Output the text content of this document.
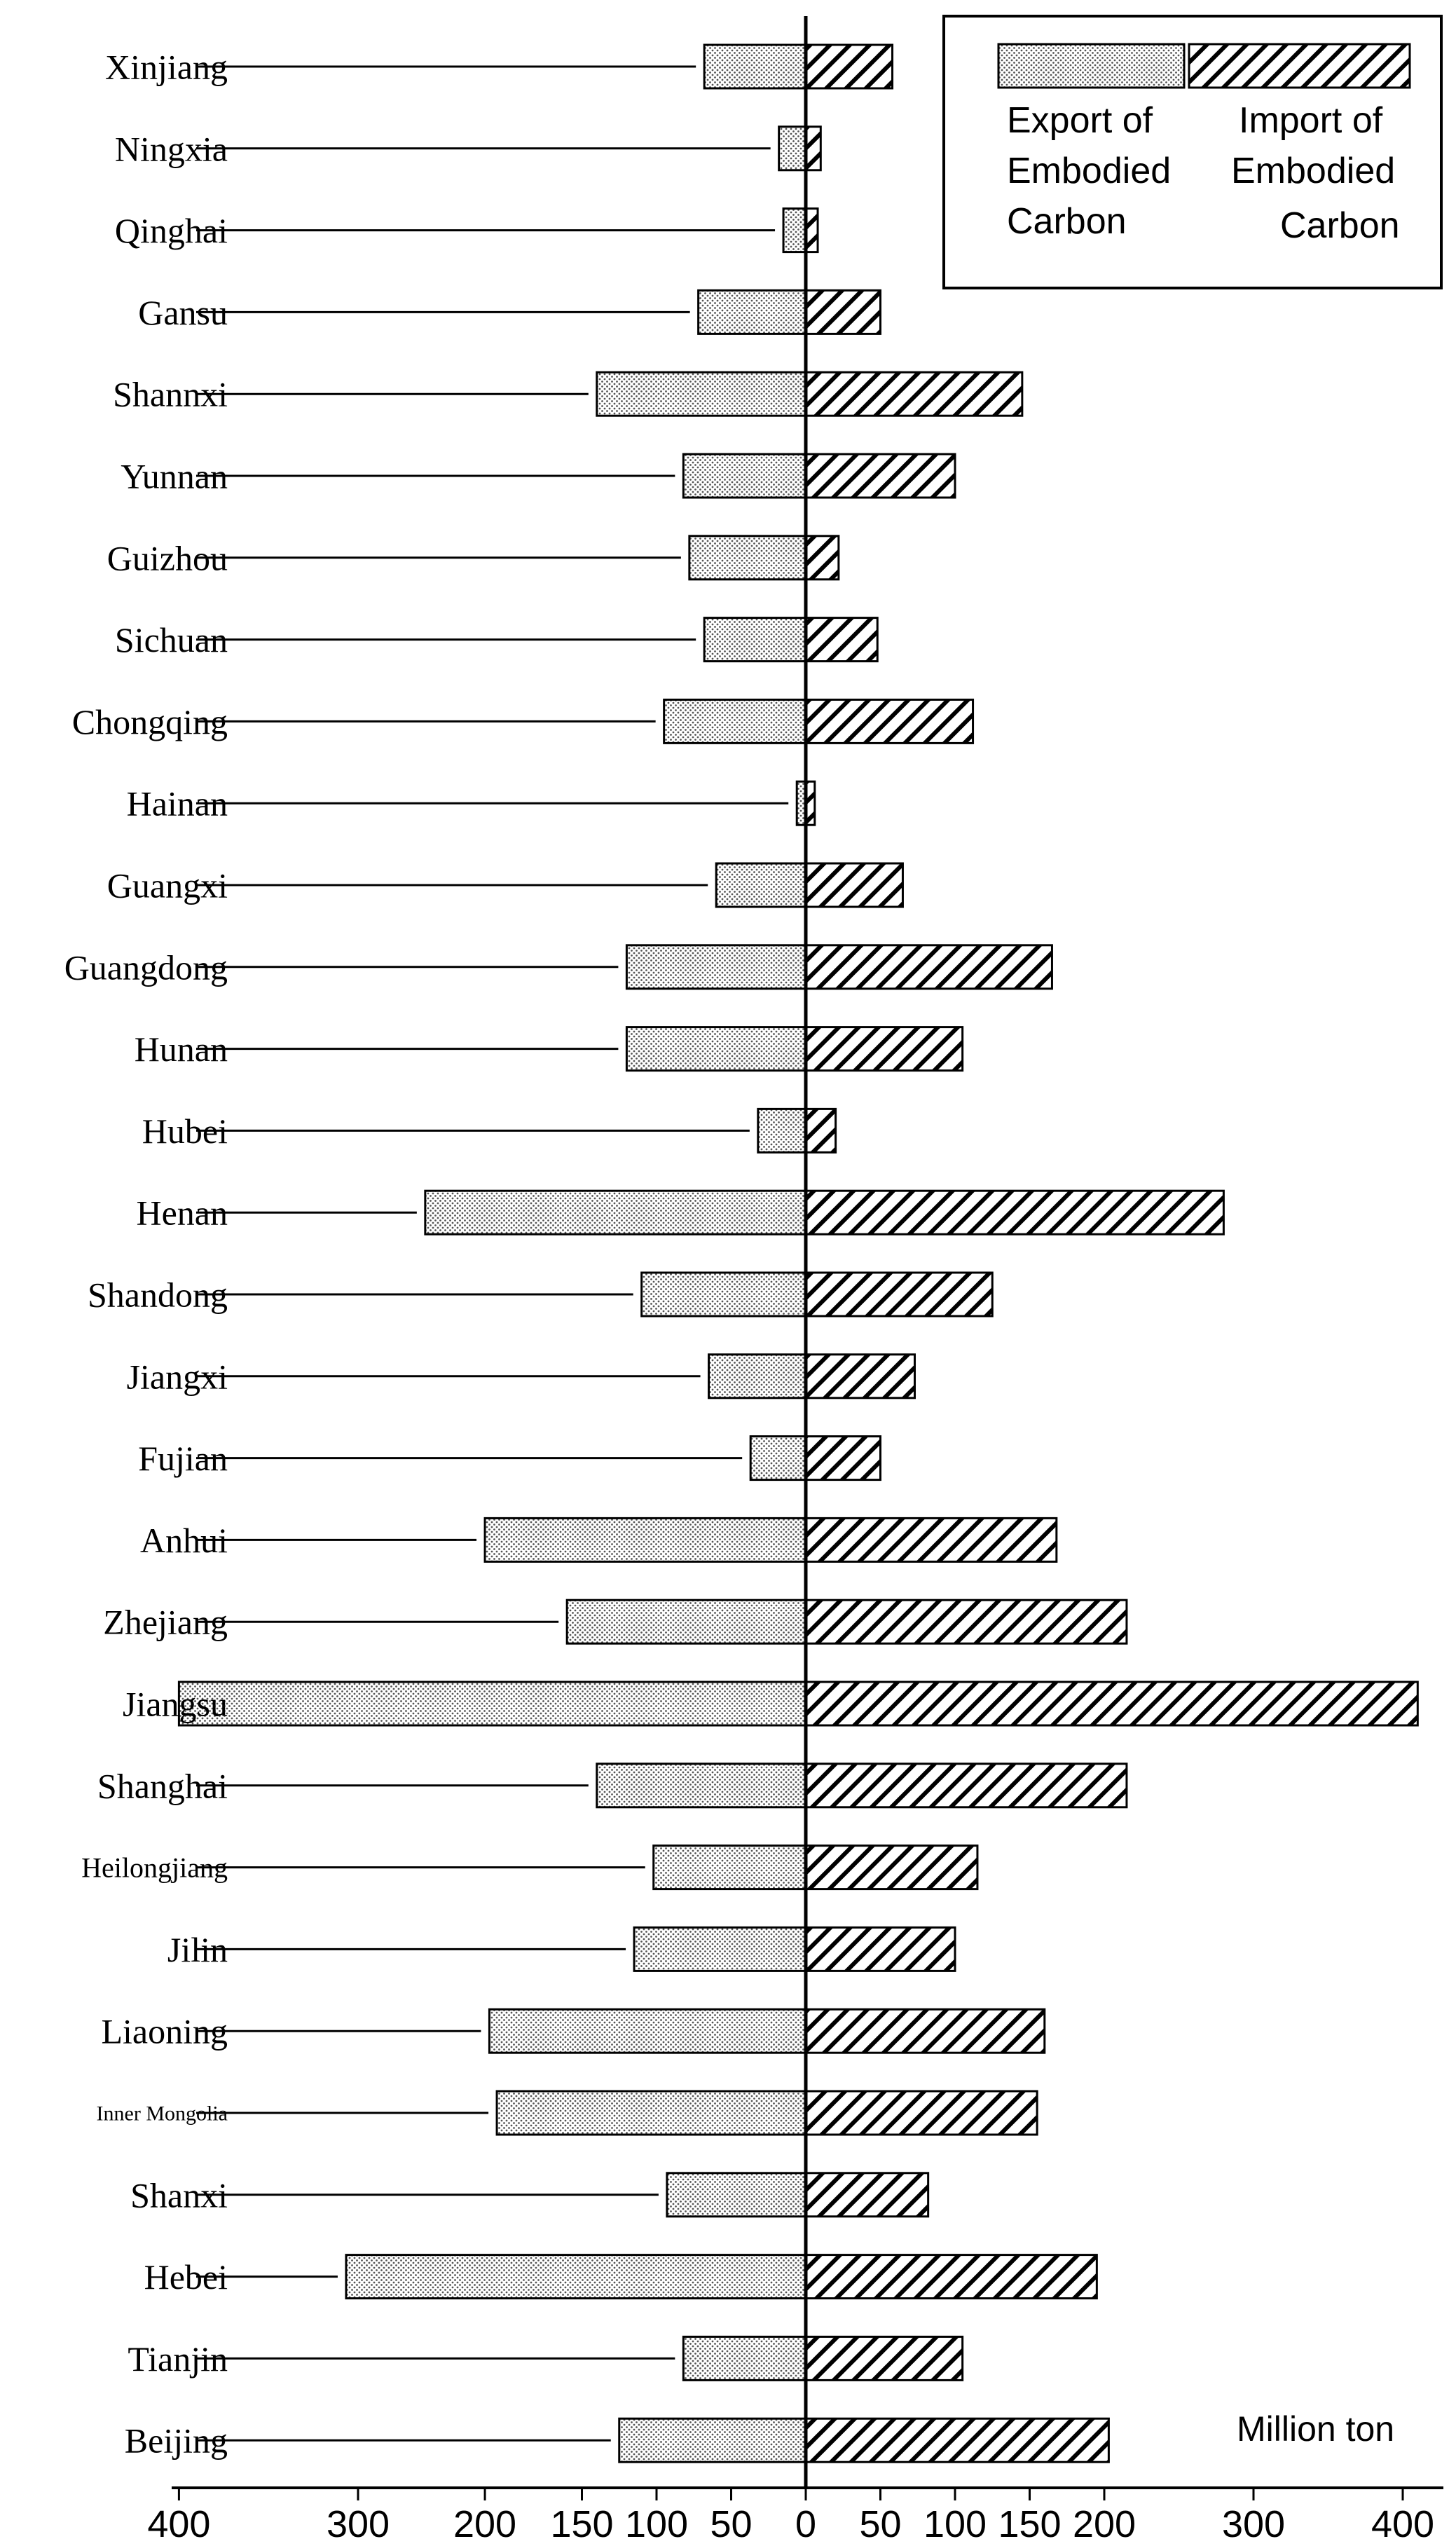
Xinjiang
Ningxia
Qinghai
Gansu
Shannxi
Yunnan
Guizhou
Sichuan
Chongqing
Hainan
Guangxi
Guangdong
Hunan
Hubei
Henan
Shandong
Jiangxi
Fujian
Anhui
Zhejiang
Jiangsu
Shanghai
Heilongjiang
Jilin
Liaoning
Inner Mongolia
Shanxi
Hebei
Tianjin
Beijing
400	300 200 150 100 50 0 50 100 150 200 300 400
Export of
Embodied
Carbon
Import of
Embodied
Carbon
Million ton
